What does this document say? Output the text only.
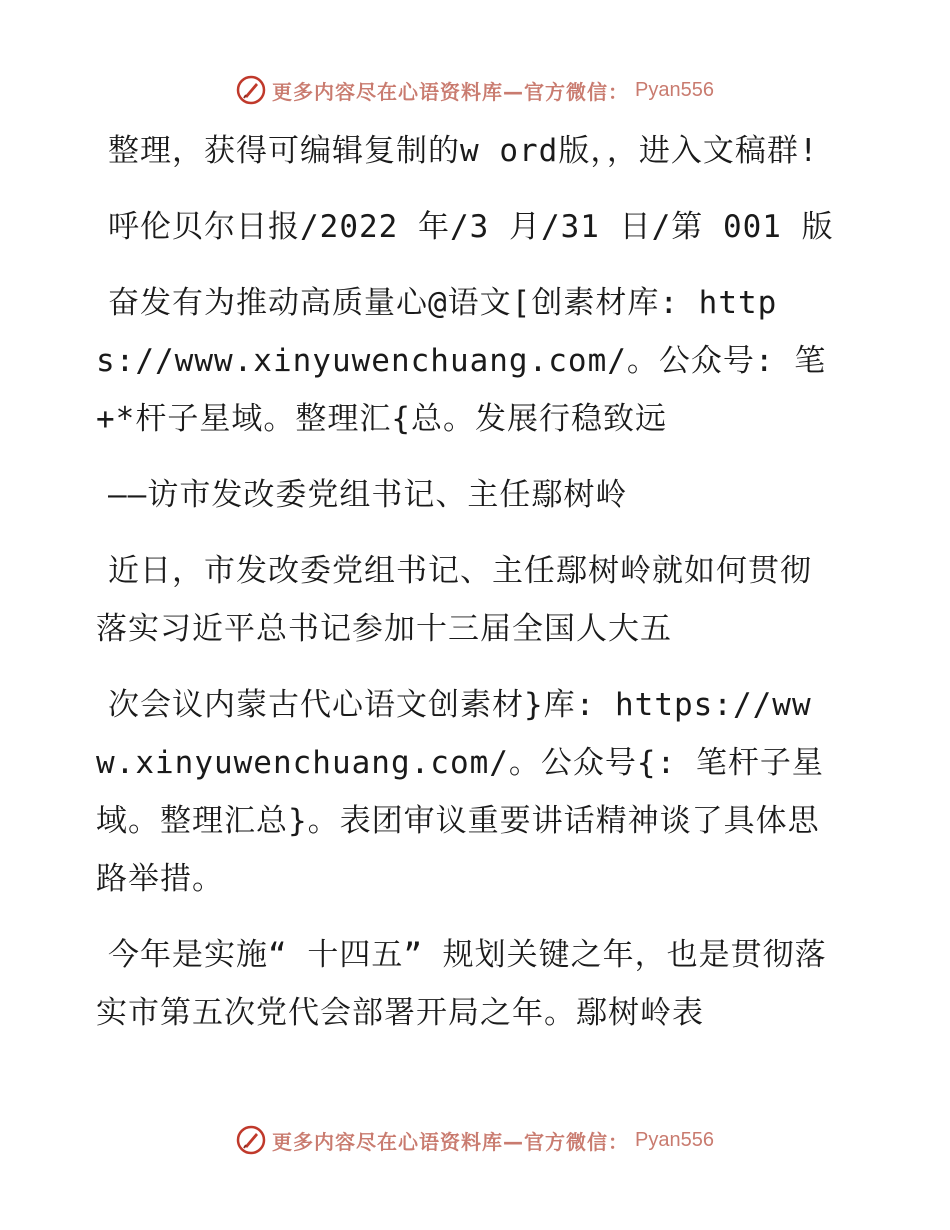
更多内容尽在心语资料库—官方微信： Pyan556

整理，获得可编辑复制的w ord版，，进入文稿群!

呼伦贝尔日报/2022 年/3 月/31 日/第 001 版

奋发有为推动高质量心@语文[创素材库: https://www.xinyuwenchuang.com/。公众号: 笔+*杆子星域。整理汇{总。发展行稳致远

——访市发改委党组书记、主任鄢树岭

近日，市发改委党组书记、主任鄢树岭就如何贯彻落实习近平总书记参加十三届全国人大五

次会议内蒙古代心语文创素材}库: https://www.xinyuwenchuang.com/。公众号{: 笔杆子星域。整理汇总}。表团审议重要讲话精神谈了具体思路举措。

今年是实施“ 十四五” 规划关键之年，也是贯彻落实市第五次党代会部署开局之年。鄢树岭表

更多内容尽在心语资料库—官方微信： Pyan556
